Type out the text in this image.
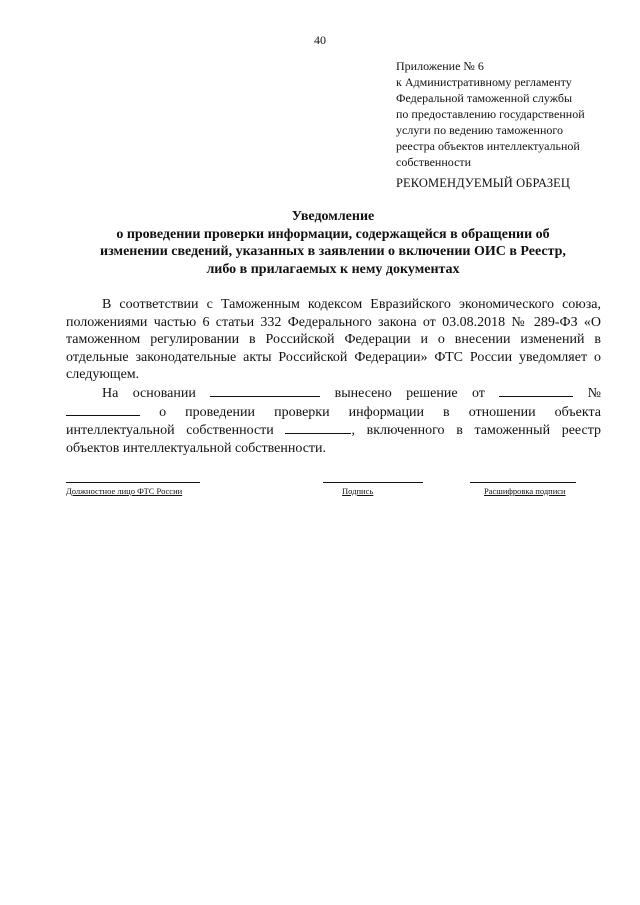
40
Приложение № 6
к Административному регламенту
Федеральной таможенной службы
по предоставлению государственной
услуги по ведению таможенного
реестра объектов интеллектуальной
собственности
РЕКОМЕНДУЕМЫЙ ОБРАЗЕЦ
Уведомление
о проведении проверки информации, содержащейся в обращении об
изменении сведений, указанных в заявлении о включении ОИС в Реестр,
либо в прилагаемых к нему документах

В соответствии с Таможенным кодексом Евразийского экономического союза, положениями частью 6 статьи 332 Федерального закона от 03.08.2018 № 289-ФЗ «О таможенном регулировании в Российской Федерации и о внесении изменений в отдельные законодательные акты Российской Федерации» ФТС России уведомляет о следующем.

На основании	вынесено решение от	№  о проведении проверки информации в отношении объекта интеллектуальной собственности	, включенного в таможенный реестр объектов интеллектуальной собственности.

Должностное лицо ФТС России	Подпись	Расшифровка подписи
